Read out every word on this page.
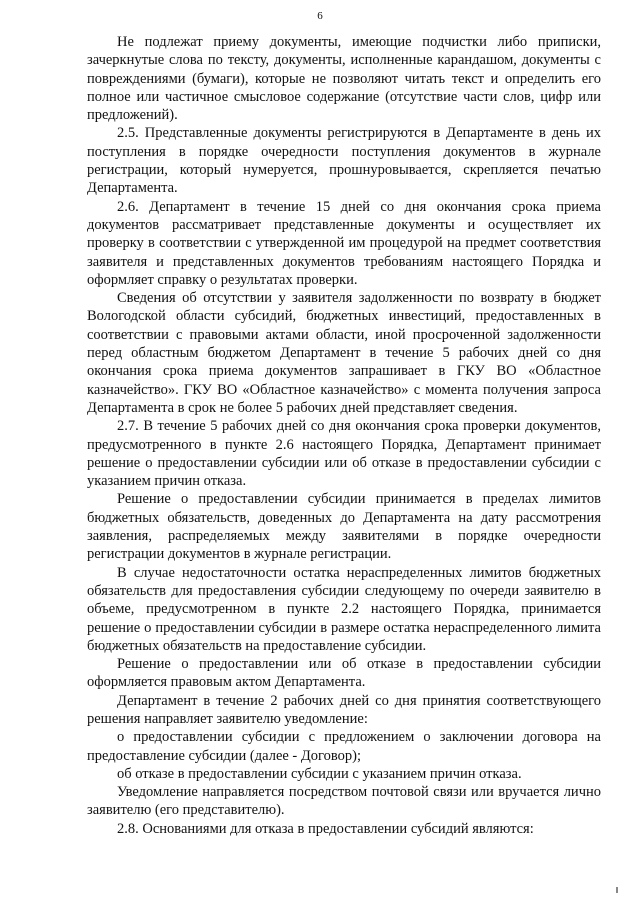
6

Не подлежат приему документы, имеющие подчистки либо приписки, зачеркнутые слова по тексту, документы, исполненные карандашом, документы с повреждениями (бумаги), которые не позволяют читать текст и определить его полное или частичное смысловое содержание (отсутствие части слов, цифр или предложений).

2.5. Представленные документы регистрируются в Департаменте в день их поступления в порядке очередности поступления документов в журнале регистрации, который нумеруется, прошнуровывается, скрепляется печатью Департамента.

2.6. Департамент в течение 15 дней со дня окончания срока приема документов рассматривает представленные документы и осуществляет их проверку в соответствии с утвержденной им процедурой на предмет соответствия заявителя и представленных документов требованиям настоящего Порядка и оформляет справку о результатах проверки.

Сведения об отсутствии у заявителя задолженности по возврату в бюджет Вологодской области субсидий, бюджетных инвестиций, предоставленных в соответствии с правовыми актами области, иной просроченной задолженности перед областным бюджетом Департамент в течение 5 рабочих дней со дня окончания срока приема документов запрашивает в ГКУ ВО «Областное казначейство». ГКУ ВО «Областное казначейство» с момента получения запроса Департамента в срок не более 5 рабочих дней представляет сведения.

2.7. В течение 5 рабочих дней со дня окончания срока проверки документов, предусмотренного в пункте 2.6 настоящего Порядка, Департамент принимает решение о предоставлении субсидии или об отказе в предоставлении субсидии с указанием причин отказа.

Решение о предоставлении субсидии принимается в пределах лимитов бюджетных обязательств, доведенных до Департамента на дату рассмотрения заявления, распределяемых между заявителями в порядке очередности регистрации документов в журнале регистрации.

В случае недостаточности остатка нераспределенных лимитов бюджетных обязательств для предоставления субсидии следующему по очереди заявителю в объеме, предусмотренном в пункте 2.2 настоящего Порядка, принимается решение о предоставлении субсидии в размере остатка нераспределенного лимита бюджетных обязательств на предоставление субсидии.

Решение о предоставлении или об отказе в предоставлении субсидии оформляется правовым актом Департамента.

Департамент в течение 2 рабочих дней со дня принятия соответствующего решения направляет заявителю уведомление:

о предоставлении субсидии с предложением о заключении договора на предоставление субсидии (далее - Договор);

об отказе в предоставлении субсидии с указанием причин отказа.

Уведомление направляется посредством почтовой связи или вручается лично заявителю (его представителю).

2.8. Основаниями для отказа в предоставлении субсидий являются:
